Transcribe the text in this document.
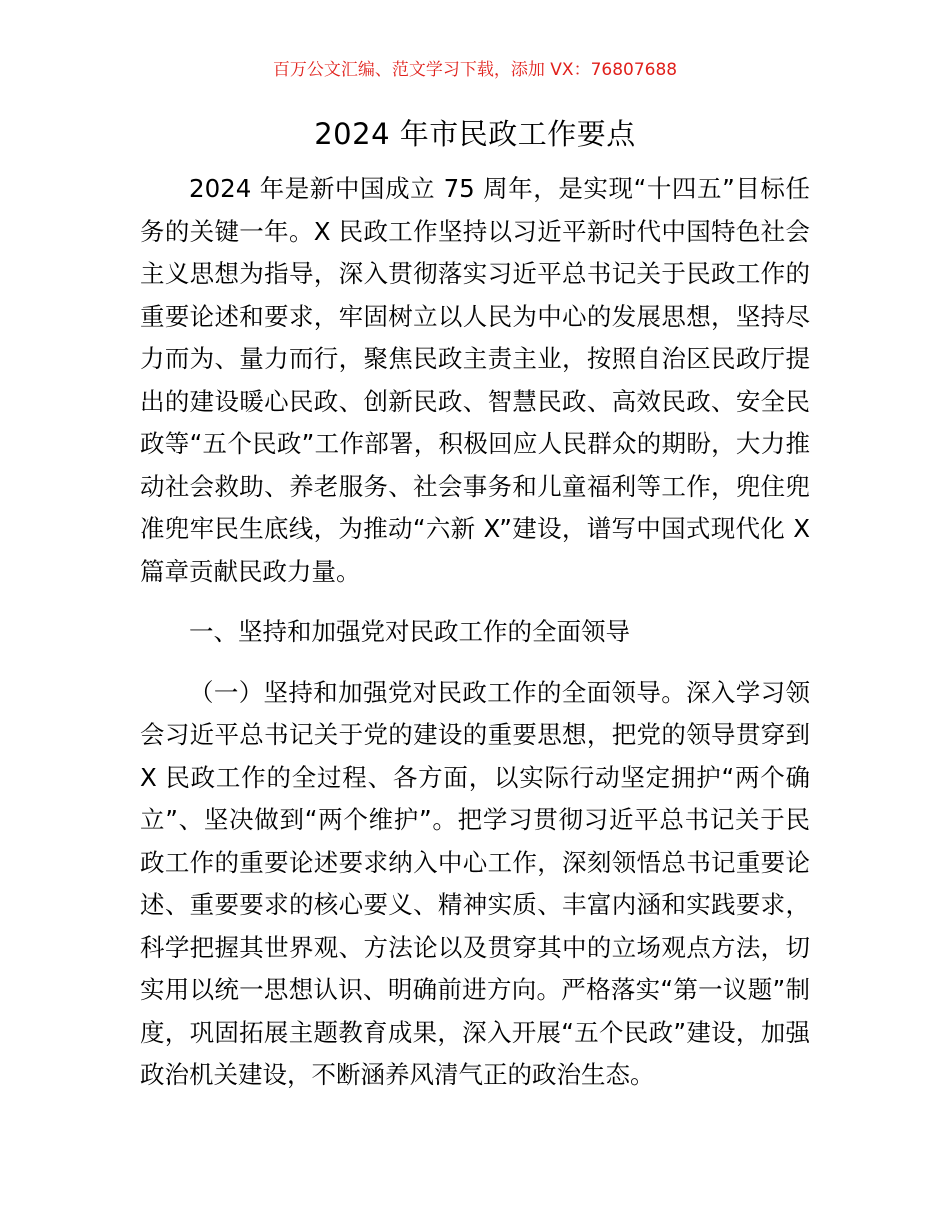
百万公文汇编、范文学习下载，添加 VX：76807688
2024 年市民政工作要点

2024 年是新中国成立 75 周年，是实现“十四五”目标任务的关键一年。X 民政工作坚持以习近平新时代中国特色社会主义思想为指导，深入贯彻落实习近平总书记关于民政工作的重要论述和要求，牢固树立以人民为中心的发展思想，坚持尽力而为、量力而行，聚焦民政主责主业，按照自治区民政厅提出的建设暖心民政、创新民政、智慧民政、高效民政、安全民政等“五个民政”工作部署，积极回应人民群众的期盼，大力推动社会救助、养老服务、社会事务和儿童福利等工作，兜住兜准兜牢民生底线，为推动“六新 X”建设，谱写中国式现代化 X 篇章贡献民政力量。

一、坚持和加强党对民政工作的全面领导

（一）坚持和加强党对民政工作的全面领导。深入学习领会习近平总书记关于党的建设的重要思想，把党的领导贯穿到 X 民政工作的全过程、各方面，以实际行动坚定拥护“两个确立”、坚决做到“两个维护”。把学习贯彻习近平总书记关于民政工作的重要论述要求纳入中心工作，深刻领悟总书记重要论述、重要要求的核心要义、精神实质、丰富内涵和实践要求，科学把握其世界观、方法论以及贯穿其中的立场观点方法，切实用以统一思想认识、明确前进方向。严格落实“第一议题”制度，巩固拓展主题教育成果，深入开展“五个民政”建设，加强政治机关建设，不断涵养风清气正的政治生态。
